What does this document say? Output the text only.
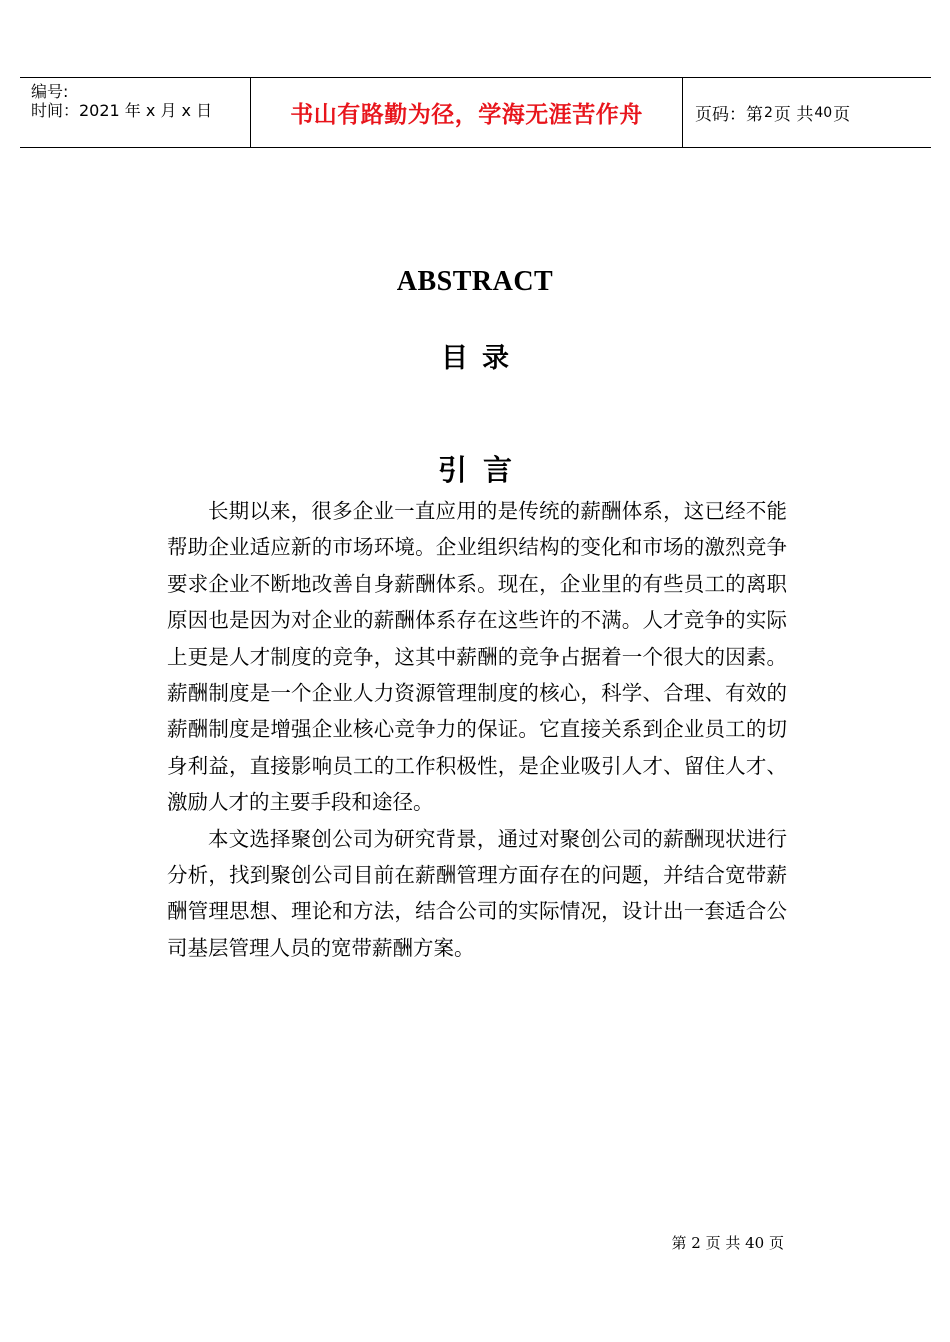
编号:
时间：2021 年 x 月 x 日	书山有路勤为径，学海无涯苦作舟	页码：第 2 页 共 40 页
ABSTRACT
目录
引言

长期以来，很多企业一直应用的是传统的薪酬体系，这已经不能帮助企业适应新的市场环境。企业组织结构的变化和市场的激烈竞争要求企业不断地改善自身薪酬体系。现在，企业里的有些员工的离职原因也是因为对企业的薪酬体系存在这些许的不满。人才竞争的实际上更是人才制度的竞争，这其中薪酬的竞争占据着一个很大的因素。薪酬制度是一个企业人力资源管理制度的核心，科学、合理、有效的薪酬制度是增强企业核心竞争力的保证。它直接关系到企业员工的切身利益，直接影响员工的工作积极性，是企业吸引人才、留住人才、激励人才的主要手段和途径。

本文选择聚创公司为研究背景，通过对聚创公司的薪酬现状进行分析，找到聚创公司目前在薪酬管理方面存在的问题，并结合宽带薪酬管理思想、理论和方法，结合公司的实际情况，设计出一套适合公司基层管理人员的宽带薪酬方案。

第 2 页 共 40 页
